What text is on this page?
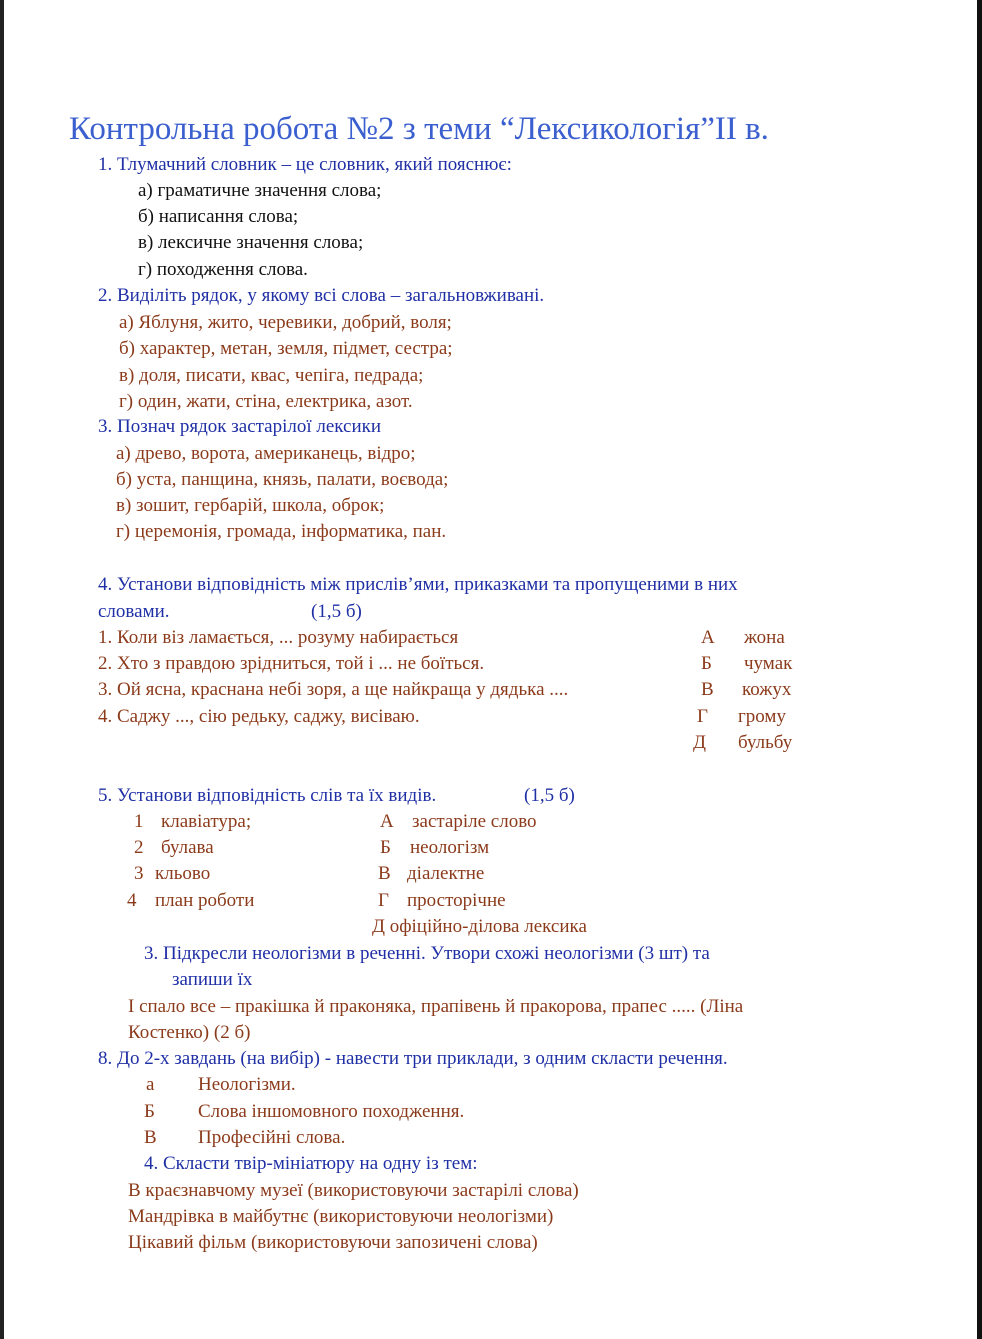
Контрольна робота №2 з теми “Лексикологія”ІІ в.
1. Тлумачний словник – це словник, який пояснює:
а) граматичне значення слова;
б) написання слова;
в) лексичне значення слова;
г) походження слова.
2. Виділіть рядок, у якому всі слова – загальновживані.
а) Яблуня, жито, черевики, добрий, воля;
б) характер, метан, земля, підмет, сестра;
в) доля, писати, квас, чепіга, педрада;
г) один, жати, стіна, електрика, азот.
3. Познач рядок застарілої лексики
а) древо, ворота, американець, відро;
б) уста, панщина, князь, палати, воєвода;
в) зошит, гербарій, школа, оброк;
г) церемонія, громада, інформатика, пан.
4. Установи відповідність між прислів’ями, приказками та пропущеними в них
словами.	(1,5 б)
1. Коли віз ламається, ... розуму набирається
2. Хто з правдою зрідниться, той і ... не боїться.
3. Ой ясна, краснана небі зоря, а ще найкраща у дядька ....
4. Саджу ..., сію редьку, саджу, висіваю.
А жона
Б чумак
В кожух
Г грому
Д бульбу
5. Установи відповідність слів та їх видів.	(1,5 б)
1 клавіатура;
2 булава
3 кльово
4 план роботи
А застаріле слово
Б неологізм
В діалектне
Г просторічне
Д офіційно-ділова лексика
3. Підкресли неологізми в реченні. Утвори схожі неологізми (3 шт) та
запиши їх
І спало все – пракішка й праконяка, прапівень й пракорова, прапес ..... (Ліна
Костенко) (2 б)
8. До 2-х завдань (на вибір) - навести три приклади, з одним скласти речення.
а Неологізми.
Б Слова іншомовного походження.
В Професійні слова.
4. Скласти твір-мініатюру на одну із тем:
В краєзнавчому музеї (використовуючи застарілі слова)
Мандрівка в майбутнє (використовуючи неологізми)
Цікавий фільм (використовуючи запозичені слова)
